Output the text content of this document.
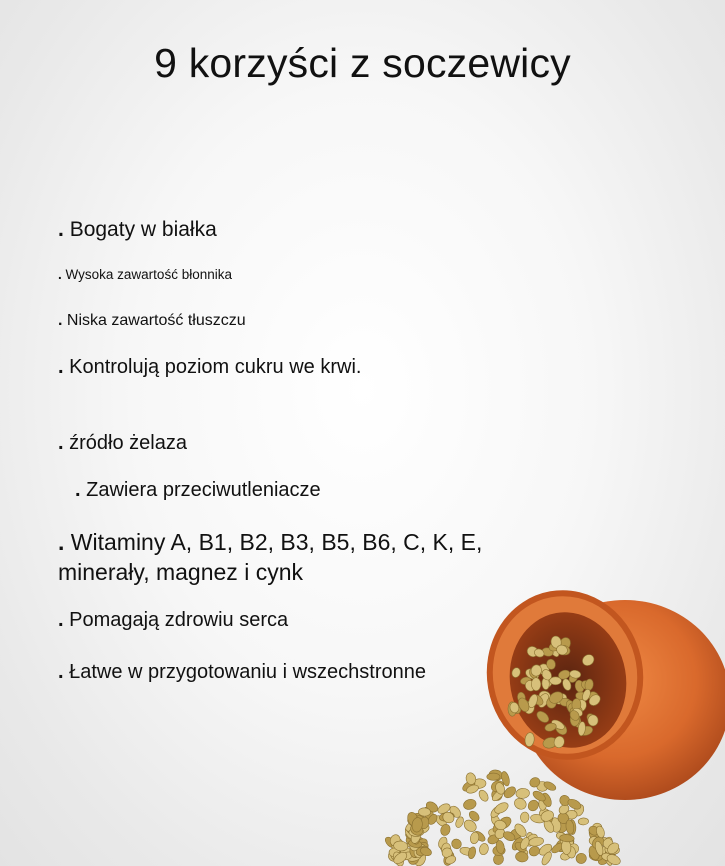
9 korzyści z soczewicy
. Bogaty w białka
. Wysoka zawartość błonnika
. Niska zawartość tłuszczu
. Kontrolują poziom cukru we krwi.
. źródło żelaza
. Zawiera przeciwutleniacze
. Witaminy A, B1, B2, B3, B5, B6, C, K, E, minerały, magnez i cynk
. Pomagają zdrowiu serca
. Łatwe w przygotowaniu i wszechstronne
